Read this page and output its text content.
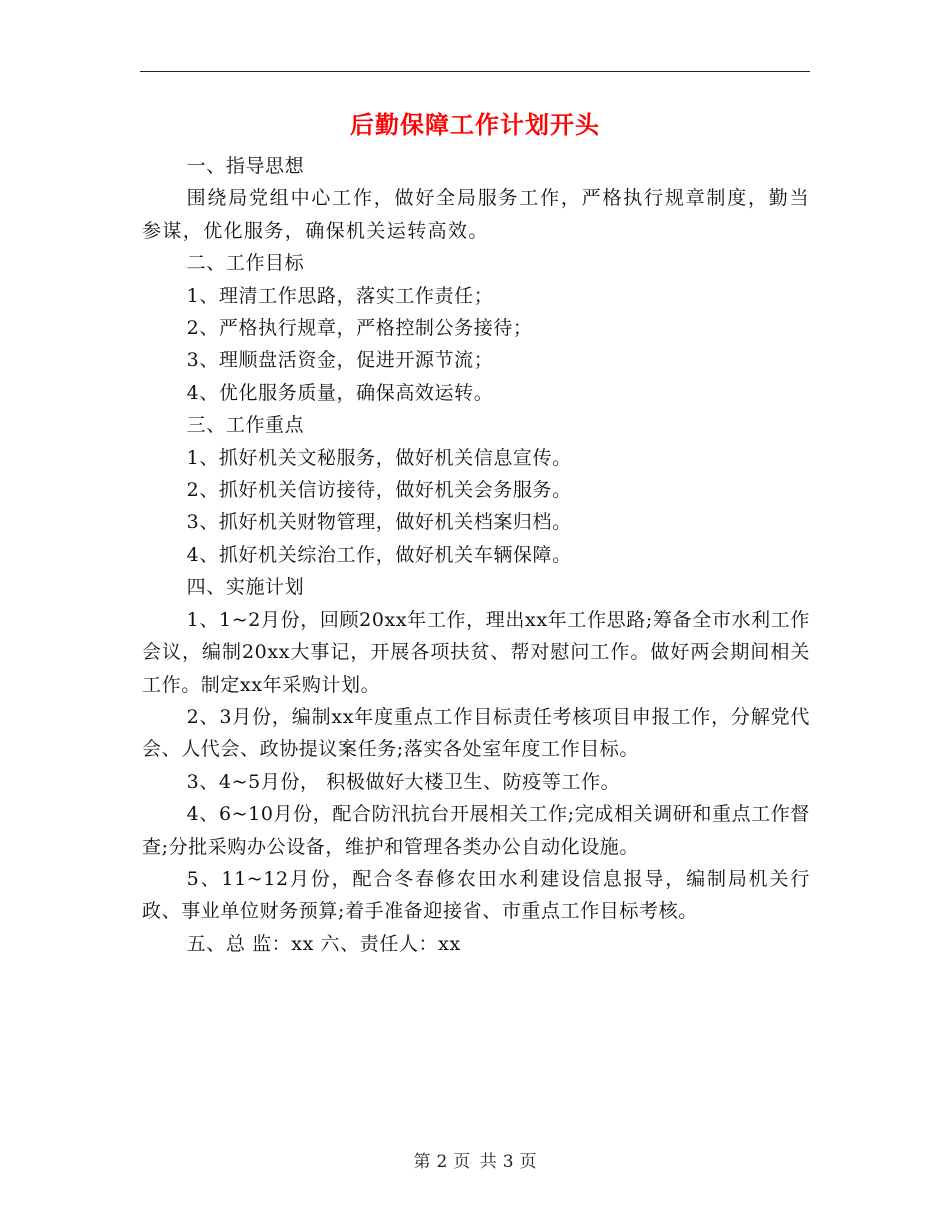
后勤保障工作计划开头

一、指导思想

围绕局党组中心工作，做好全局服务工作，严格执行规章制度，勤当参谋，优化服务，确保机关运转高效。

二、工作目标

1、理清工作思路，落实工作责任；

2、严格执行规章，严格控制公务接待；

3、理顺盘活资金，促进开源节流；

4、优化服务质量，确保高效运转。

三、工作重点

1、抓好机关文秘服务，做好机关信息宣传。

2、抓好机关信访接待，做好机关会务服务。

3、抓好机关财物管理，做好机关档案归档。

4、抓好机关综治工作，做好机关车辆保障。

四、实施计划

1、1~2月份，回顾20xx年工作，理出xx年工作思路;筹备全市水利工作会议，编制20xx大事记，开展各项扶贫、帮对慰问工作。做好两会期间相关工作。制定xx年采购计划。

2、3月份，编制xx年度重点工作目标责任考核项目申报工作，分解党代会、人代会、政协提议案任务;落实各处室年度工作目标。

3、4~5月份， 积极做好大楼卫生、防疫等工作。

4、6~10月份，配合防汛抗台开展相关工作;完成相关调研和重点工作督查;分批采购办公设备，维护和管理各类办公自动化设施。

5、11~12月份，配合冬春修农田水利建设信息报导，编制局机关行政、事业单位财务预算;着手准备迎接省、市重点工作目标考核。

五、总 监：xx 六、责任人：xx

第 2 页 共 3 页
